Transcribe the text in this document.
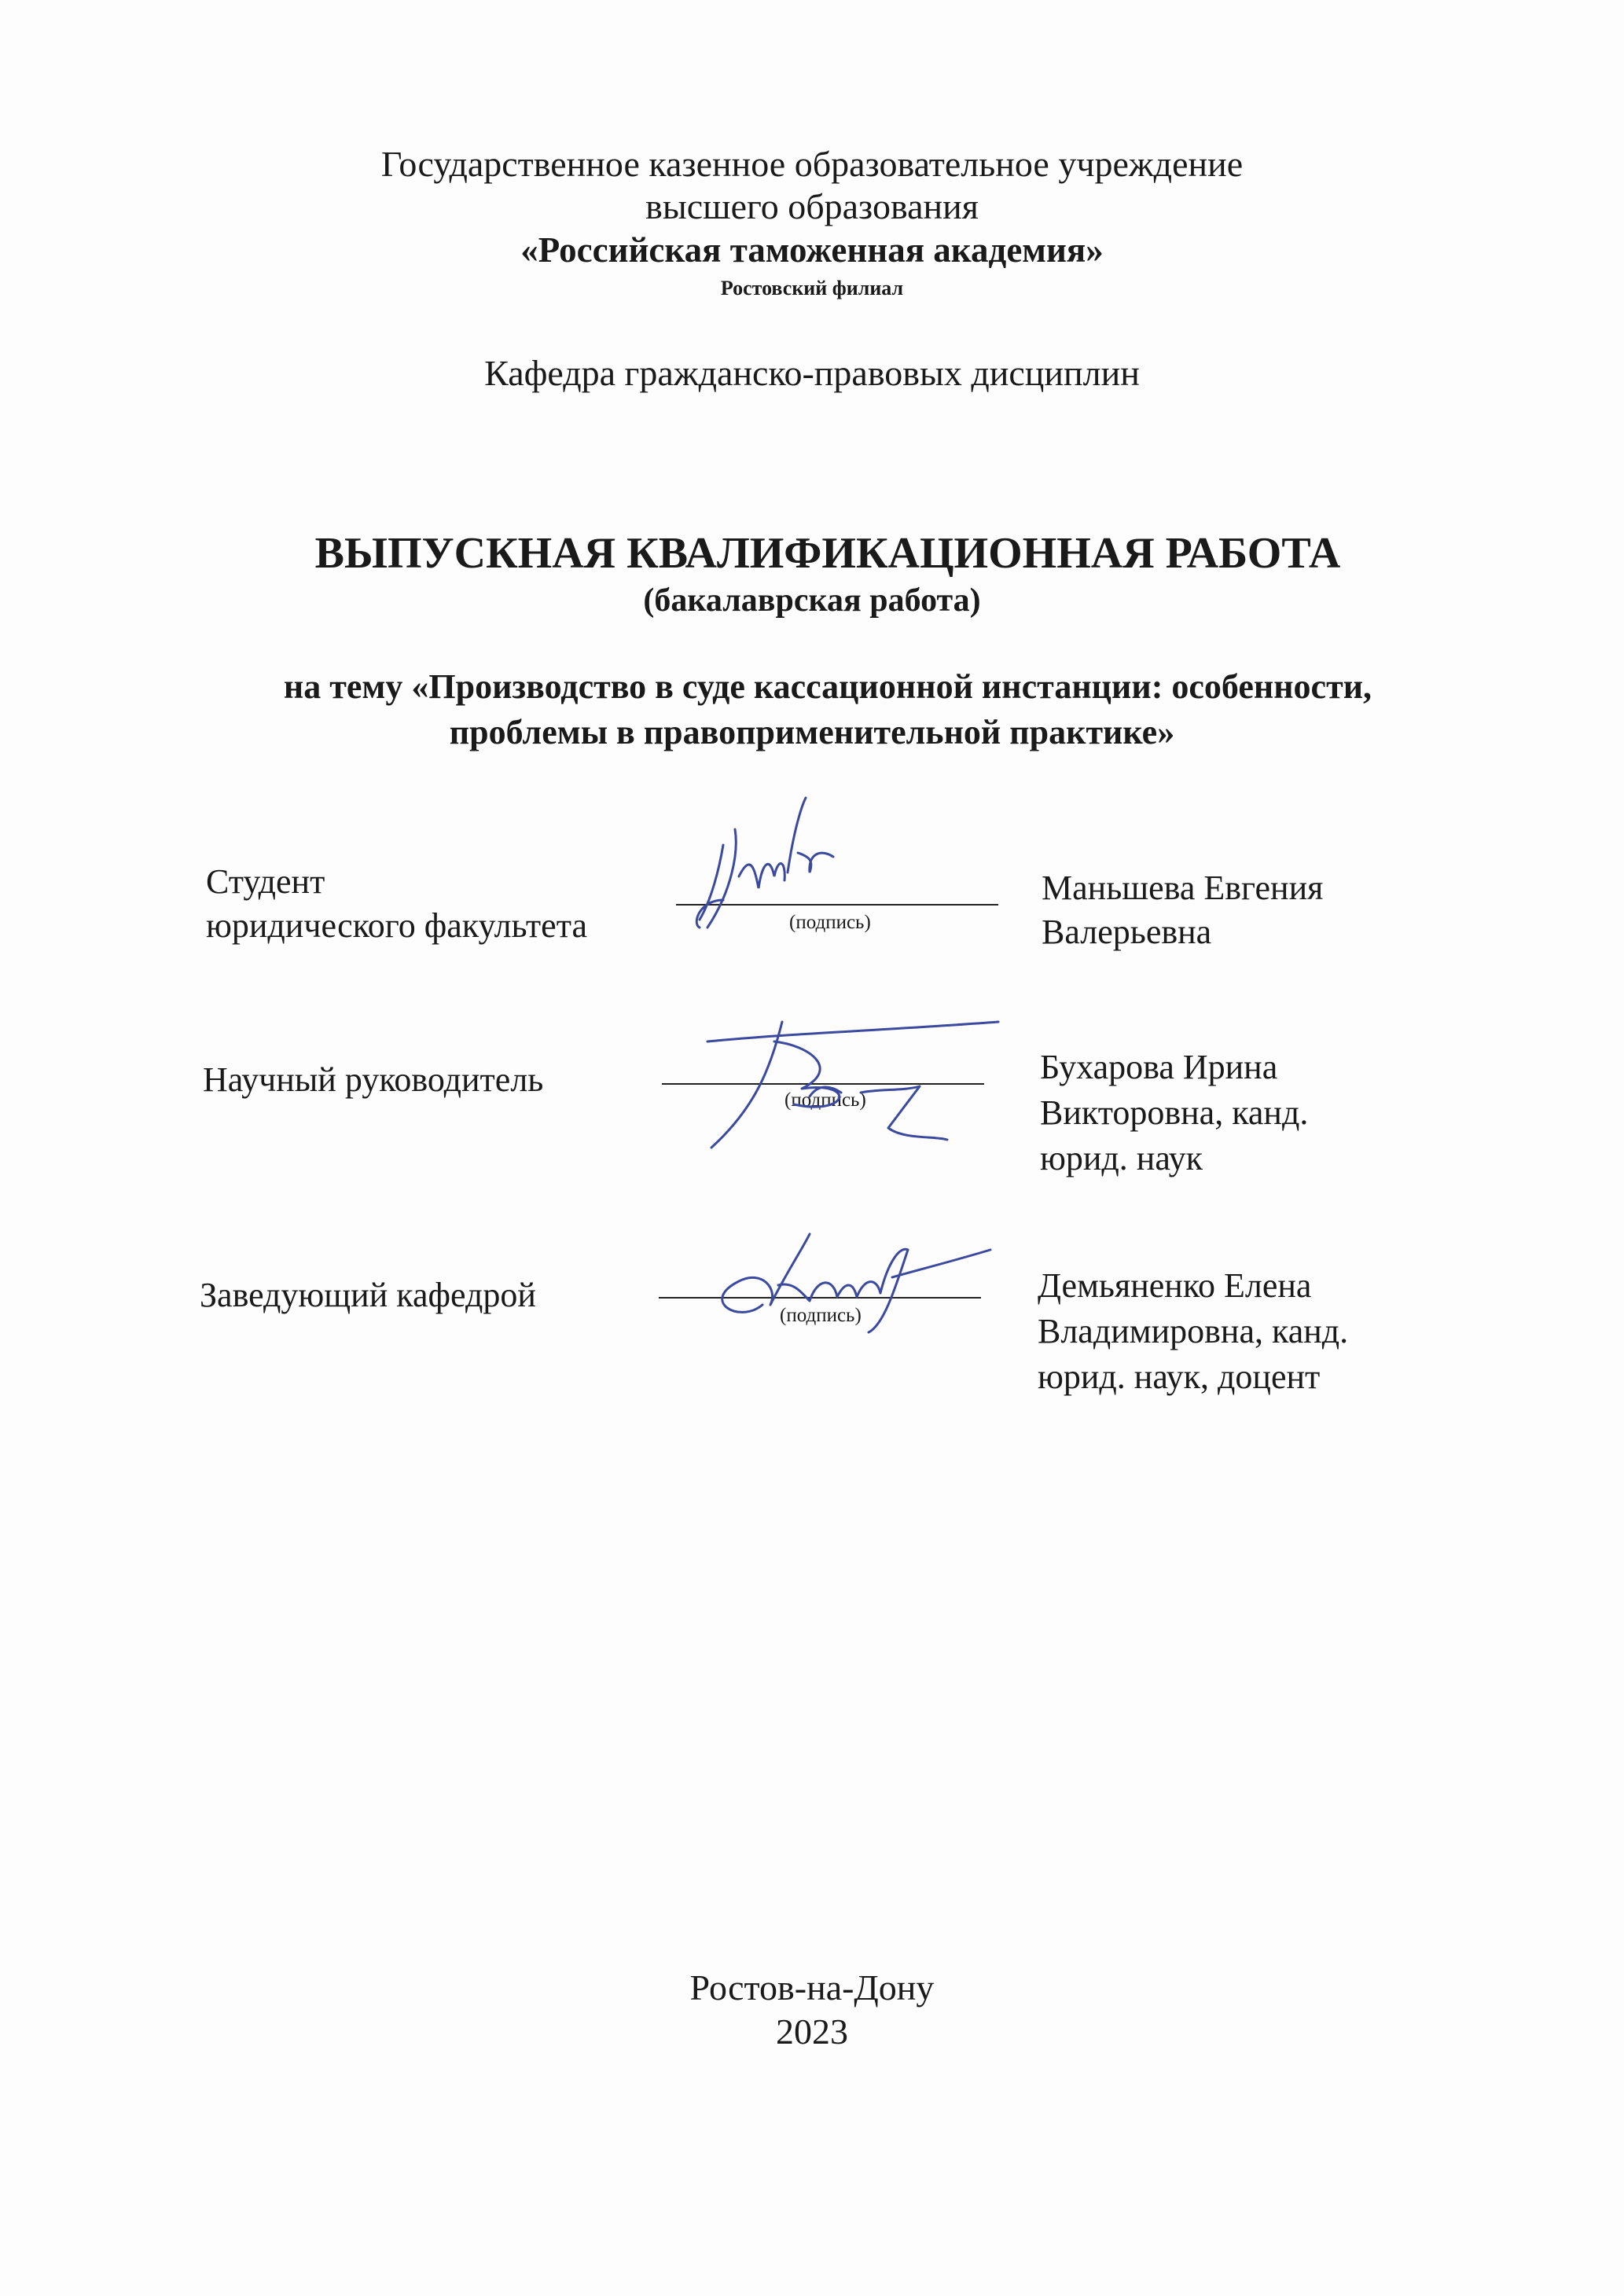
Государственное казенное образовательное учреждение
высшего образования
«Российская таможенная академия»
Ростовский филиал
Кафедра гражданско-правовых дисциплин
ВЫПУСКНАЯ КВАЛИФИКАЦИОННАЯ РАБОТА
(бакалаврская работа)
на тему «Производство в суде кассационной инстанции: особенности,
проблемы в правоприменительной практике»
Студент
юридического факультета	(подпись)
Маньшева Евгения
Валерьевна
Научный руководитель
(подпись)
Бухарова Ирина
Викторовна, канд.
юрид. наук
Заведующий кафедрой
(подпись)
Демьяненко Елена
Владимировна, канд.
юрид. наук, доцент
Ростов-на-Дону
2023
